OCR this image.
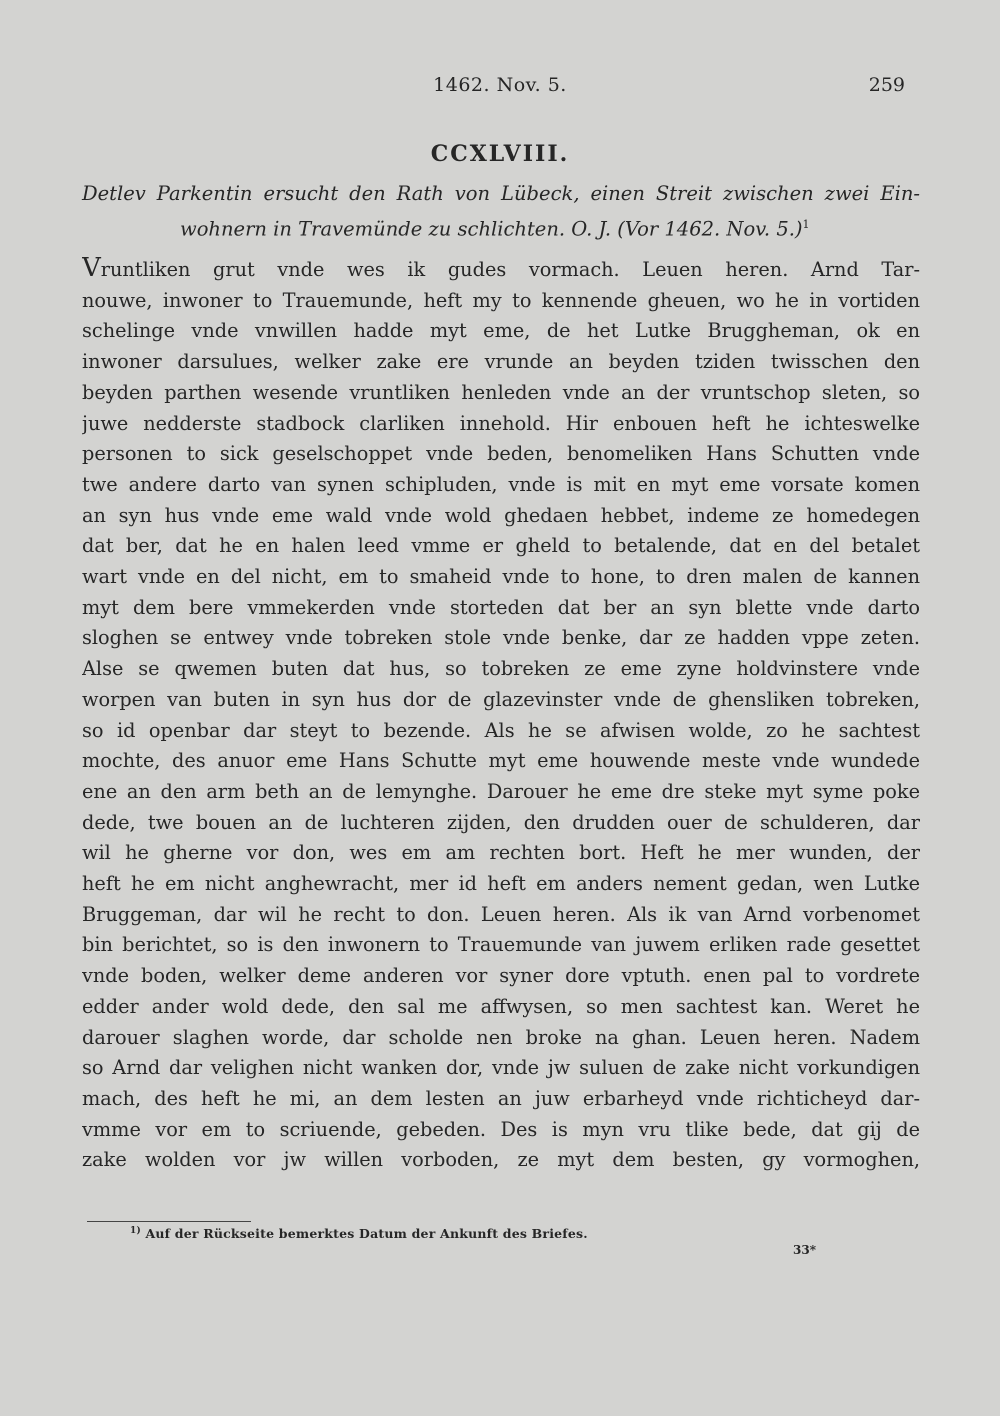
1462. Nov. 5.	259
CCXLVIII.
Detlev Parkentin ersucht den Rath von Lübeck, einen Streit zwischen zwei Ein-
wohnern in Travemünde zu schlichten. O. J. (Vor 1462. Nov. 5.)$^1$
Vruntliken grut vnde wes ik gudes vormach. Leuen heren. Arnd Tar-
nouwe, inwoner to Trauemunde, heft my to kennende gheuen, wo he in vortiden
schelinge vnde vnwillen hadde myt eme, de het Lutke Bruggheman, ok en
inwoner darsulues, welker zake ere vrunde an beyden tziden twisschen den
beyden parthen wesende vruntliken henleden vnde an der vruntschop sleten, so
juwe nedderste stadbock clarliken innehold. Hir enbouen heft he ichteswelke
personen to sick geselschoppet vnde beden, benomeliken Hans Schutten vnde
twe andere darto van synen schipluden, vnde is mit en myt eme vorsate komen
an syn hus vnde eme wald vnde wold ghedaen hebbet, indeme ze homedegen
dat ber, dat he en halen leed vmme er gheld to betalende, dat en del betalet
wart vnde en del nicht, em to smaheid vnde to hone, to dren malen de kannen
myt dem bere vmmekerden vnde storteden dat ber an syn blette vnde darto
sloghen se entwey vnde tobreken stole vnde benke, dar ze hadden vppe zeten.
Alse se qwemen buten dat hus, so tobreken ze eme zyne holdvinstere vnde
worpen van buten in syn hus dor de glazevinster vnde de ghensliken tobreken,
so id openbar dar steyt to bezende. Als he se afwisen wolde, zo he sachtest
mochte, des anuor eme Hans Schutte myt eme houwende meste vnde wundede
ene an den arm beth an de lemynghe. Darouer he eme dre steke myt syme poke
dede, twe bouen an de luchteren zijden, den drudden ouer de schulderen, dar
wil he gherne vor don, wes em am rechten bort. Heft he mer wunden, der
heft he em nicht anghewracht, mer id heft em anders nement gedan, wen Lutke
Bruggeman, dar wil he recht to don. Leuen heren. Als ik van Arnd vorbenomet
bin berichtet, so is den inwonern to Trauemunde van juwem erliken rade gesettet
vnde boden, welker deme anderen vor syner dore vptuth. enen pal to vordrete
edder ander wold dede, den sal me affwysen, so men sachtest kan. Weret he
darouer slaghen worde, dar scholde nen broke na ghan. Leuen heren. Nadem
so Arnd dar velighen nicht wanken dor, vnde jw suluen de zake nicht vorkundigen
mach, des heft he mi, an dem lesten an juw erbarheyd vnde richticheyd dar-
vmme vor em to scriuende, gebeden. Des is myn vru tlike bede, dat gij de
zake wolden vor jw willen vorboden, ze myt dem besten, gy vormoghen,
$^{1)}$ Auf der Rückseite bemerktes Datum der Ankunft des Briefes.
33*
